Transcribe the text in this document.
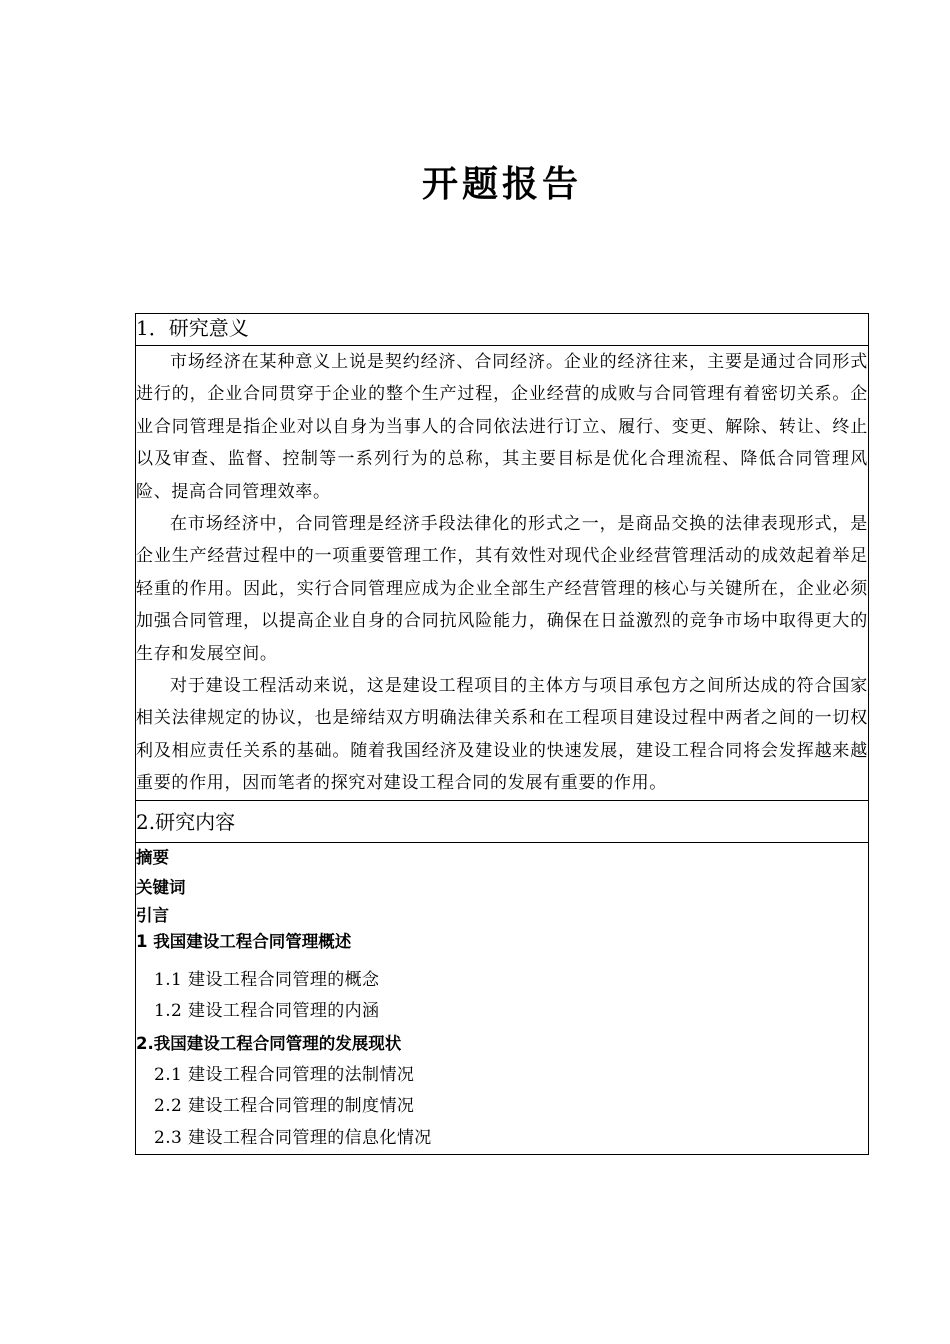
开题报告
1．研究意义

市场经济在某种意义上说是契约经济、合同经济。企业的经济往来，主要是通过合同形式进行的，企业合同贯穿于企业的整个生产过程，企业经营的成败与合同管理有着密切关系。企业合同管理是指企业对以自身为当事人的合同依法进行订立、履行、变更、解除、转让、终止以及审查、监督、控制等一系列行为的总称，其主要目标是优化合理流程、降低合同管理风险、提高合同管理效率。

在市场经济中，合同管理是经济手段法律化的形式之一，是商品交换的法律表现形式，是企业生产经营过程中的一项重要管理工作，其有效性对现代企业经营管理活动的成效起着举足轻重的作用。因此，实行合同管理应成为企业全部生产经营管理的核心与关键所在，企业必须加强合同管理，以提高企业自身的合同抗风险能力，确保在日益激烈的竞争市场中取得更大的生存和发展空间。

对于建设工程活动来说，这是建设工程项目的主体方与项目承包方之间所达成的符合国家相关法律规定的协议，也是缔结双方明确法律关系和在工程项目建设过程中两者之间的一切权利及相应责任关系的基础。随着我国经济及建设业的快速发展，建设工程合同将会发挥越来越重要的作用，因而笔者的探究对建设工程合同的发展有重要的作用。

2.研究内容

摘要

关键词

引言

1 我国建设工程合同管理概述

1.1 建设工程合同管理的概念

1.2 建设工程合同管理的内涵

2.我国建设工程合同管理的发展现状

2.1 建设工程合同管理的法制情况

2.2 建设工程合同管理的制度情况

2.3 建设工程合同管理的信息化情况
